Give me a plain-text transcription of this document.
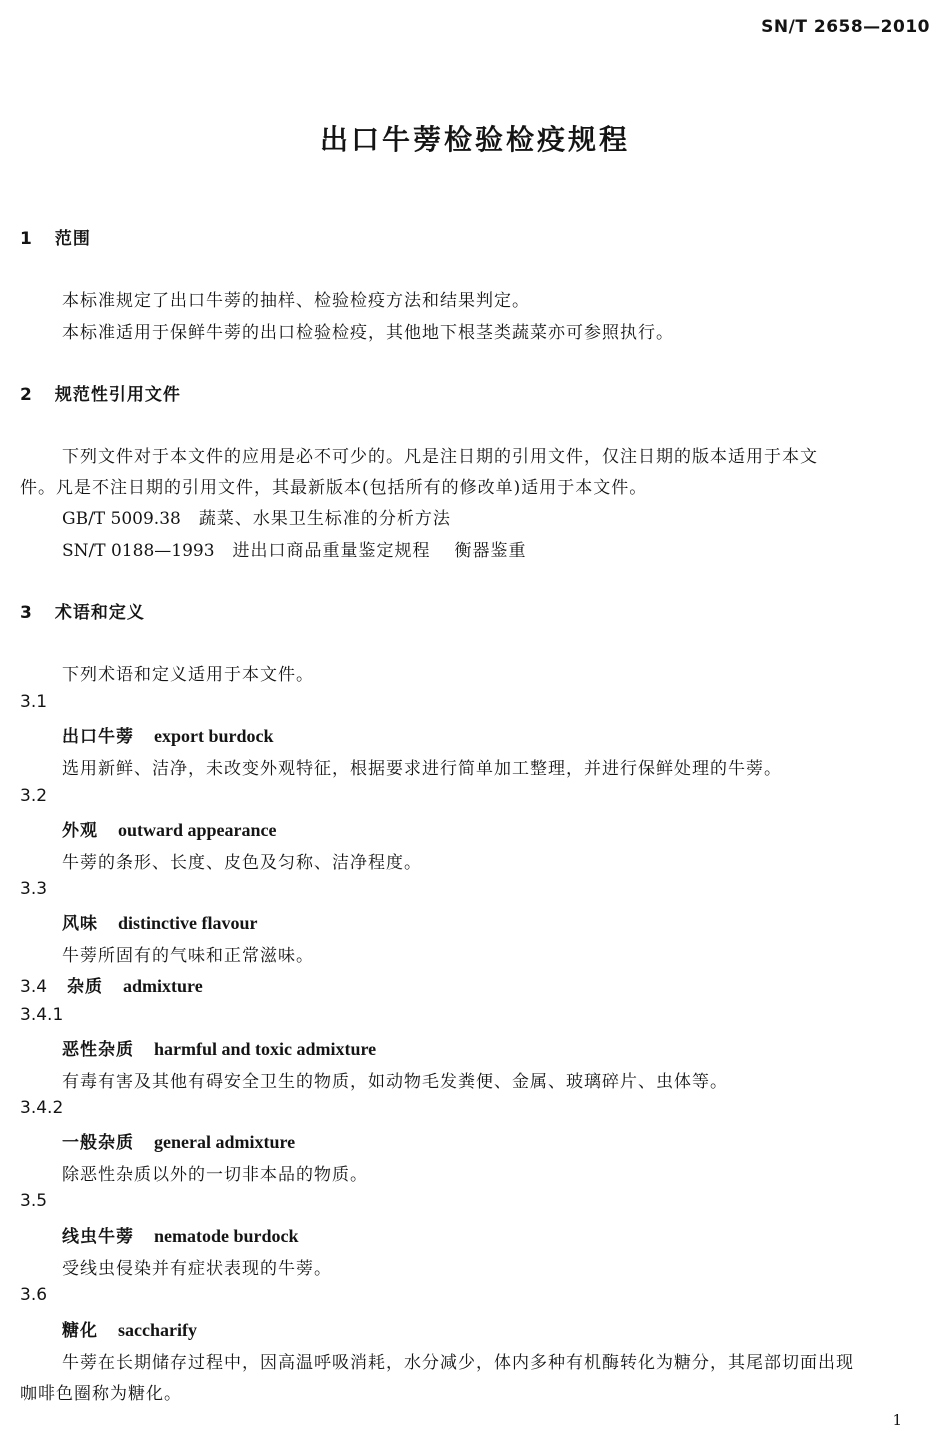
SN/T 2658—2010
出口牛蒡检验检疫规程
1 范围
本标准规定了出口牛蒡的抽样、检验检疫方法和结果判定。
本标准适用于保鲜牛蒡的出口检验检疫，其他地下根茎类蔬菜亦可参照执行。
2 规范性引用文件
下列文件对于本文件的应用是必不可少的。凡是注日期的引用文件，仅注日期的版本适用于本文
件。凡是不注日期的引用文件，其最新版本(包括所有的修改单)适用于本文件。
GB/T 5009.38 蔬菜、水果卫生标准的分析方法
SN/T 0188—1993 进出口商品重量鉴定规程 衡器鉴重
3 术语和定义
下列术语和定义适用于本文件。
3.1
出口牛蒡 export burdock
选用新鲜、洁净，未改变外观特征，根据要求进行简单加工整理，并进行保鲜处理的牛蒡。
3.2
外观 outward appearance
牛蒡的条形、长度、皮色及匀称、洁净程度。
3.3
风味 distinctive flavour
牛蒡所固有的气味和正常滋味。
3.4 杂质 admixture
3.4.1
恶性杂质 harmful and toxic admixture
有毒有害及其他有碍安全卫生的物质，如动物毛发粪便、金属、玻璃碎片、虫体等。
3.4.2
一般杂质 general admixture
除恶性杂质以外的一切非本品的物质。
3.5
线虫牛蒡 nematode burdock
受线虫侵染并有症状表现的牛蒡。
3.6
糖化 saccharify
牛蒡在长期储存过程中，因高温呼吸消耗，水分减少，体内多种有机酶转化为糖分，其尾部切面出现
咖啡色圈称为糖化。
1
